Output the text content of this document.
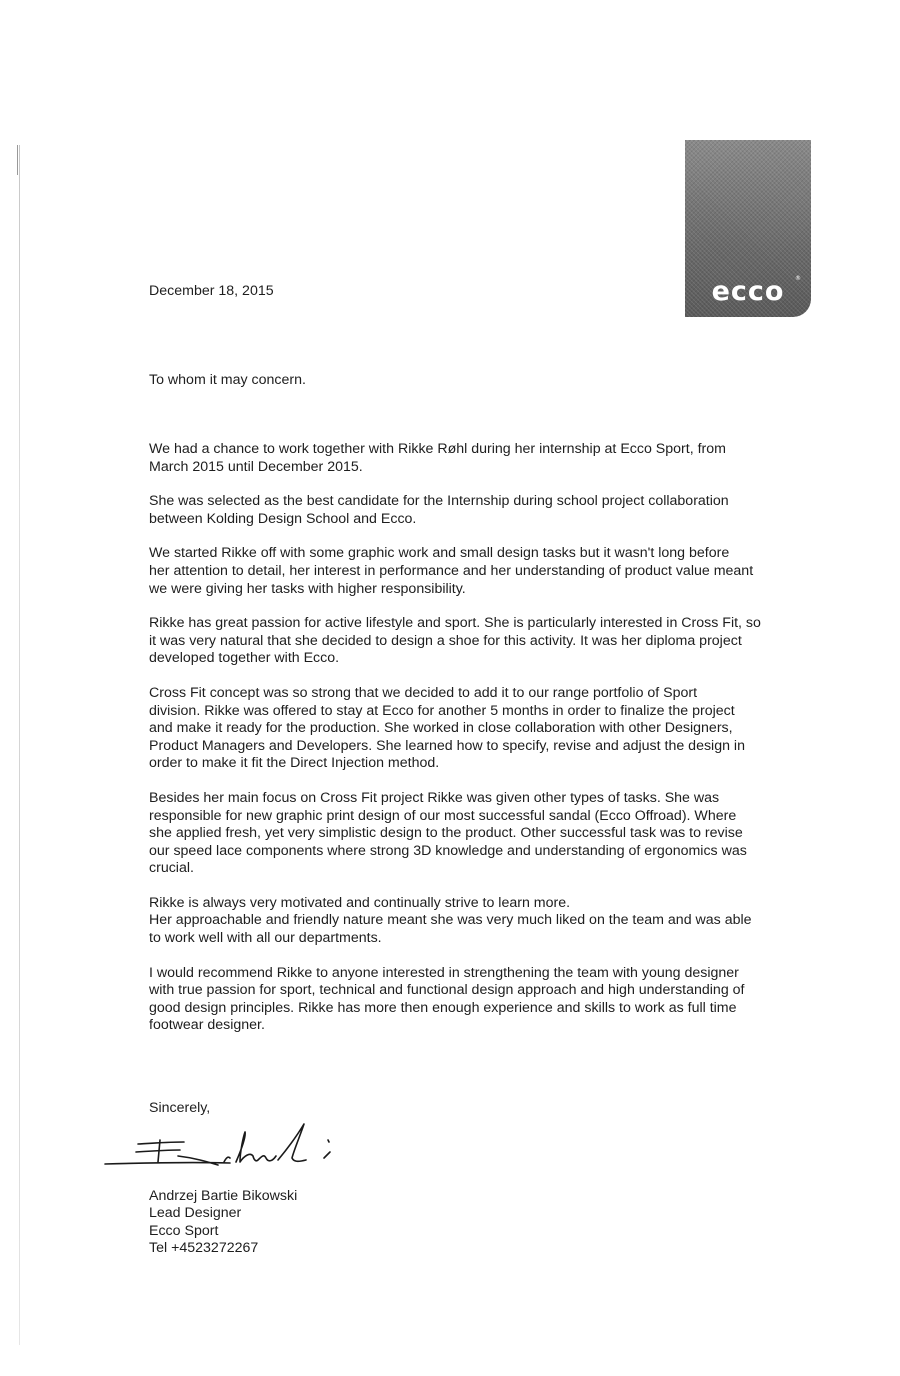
ecco	®

December 18, 2015

To whom it may concern.

We had a chance to work together with Rikke Røhl during her internship at Ecco Sport, from
March 2015 until December 2015.

She was selected as the best candidate for the Internship during school project collaboration
between Kolding Design School and Ecco.

We started Rikke off with some graphic work and small design tasks but it wasn't long before
her attention to detail, her interest in performance and her understanding of product value meant
we were giving her tasks with higher responsibility.

Rikke has great passion for active lifestyle and sport. She is particularly interested in Cross Fit, so
it was very natural that she decided to design a shoe for this activity. It was her diploma project
developed together with Ecco.

Cross Fit concept was so strong that we decided to add it to our range portfolio of Sport
division. Rikke was offered to stay at Ecco for another 5 months in order to finalize the project
and make it ready for the production. She worked in close collaboration with other Designers,
Product Managers and Developers. She learned how to specify, revise and adjust the design in
order to make it fit the Direct Injection method.

Besides her main focus on Cross Fit project Rikke was given other types of tasks. She was
responsible for new graphic print design of our most successful sandal (Ecco Offroad). Where
she applied fresh, yet very simplistic design to the product. Other successful task was to revise
our speed lace components where strong 3D knowledge and understanding of ergonomics was
crucial.

Rikke is always very motivated and continually strive to learn more.
Her approachable and friendly nature meant she was very much liked on the team and was able
to work well with all our departments.

I would recommend Rikke to anyone interested in strengthening the team with young designer
with true passion for sport, technical and functional design approach and high understanding of
good design principles. Rikke has more then enough experience and skills to work as full time
footwear designer.

Sincerely,

Andrzej Bartie Bikowski
Lead Designer
Ecco Sport
Tel +4523272267
